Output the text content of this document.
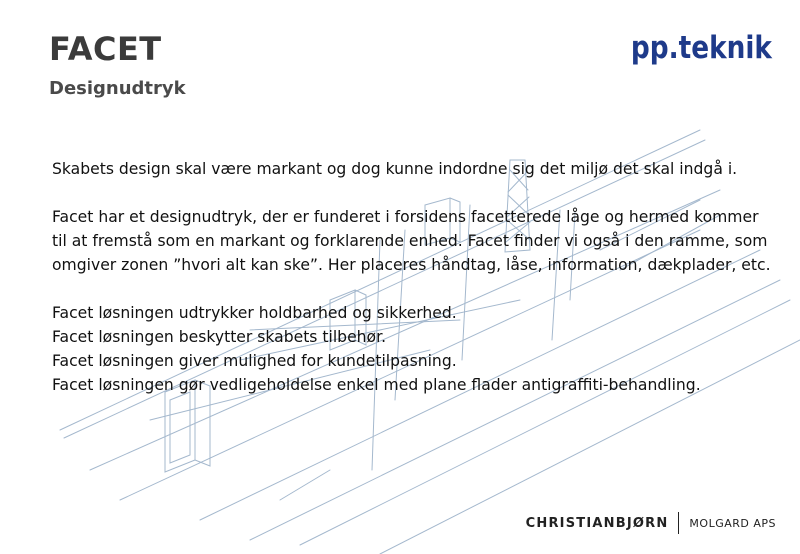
FACET
Designudtryk
pp.teknik

Skabets design skal være markant og dog kunne indordne sig det miljø det skal indgå i.

Facet har et designudtryk, der er funderet i forsidens facetterede låge og hermed kommer til at fremstå som en markant og forklarende enhed. Facet finder vi også i den ramme, som omgiver zonen ”hvori alt kan ske”. Her placeres håndtag, låse, information, dækplader, etc.

Facet løsningen udtrykker holdbarhed og sikkerhed.

Facet løsningen beskytter skabets tilbehør.

Facet løsningen giver mulighed for kundetilpasning.

Facet løsningen gør vedligeholdelse enkel med plane flader antigraffiti-behandling.

CHRISTIANBJØRN MOLGARD APS
